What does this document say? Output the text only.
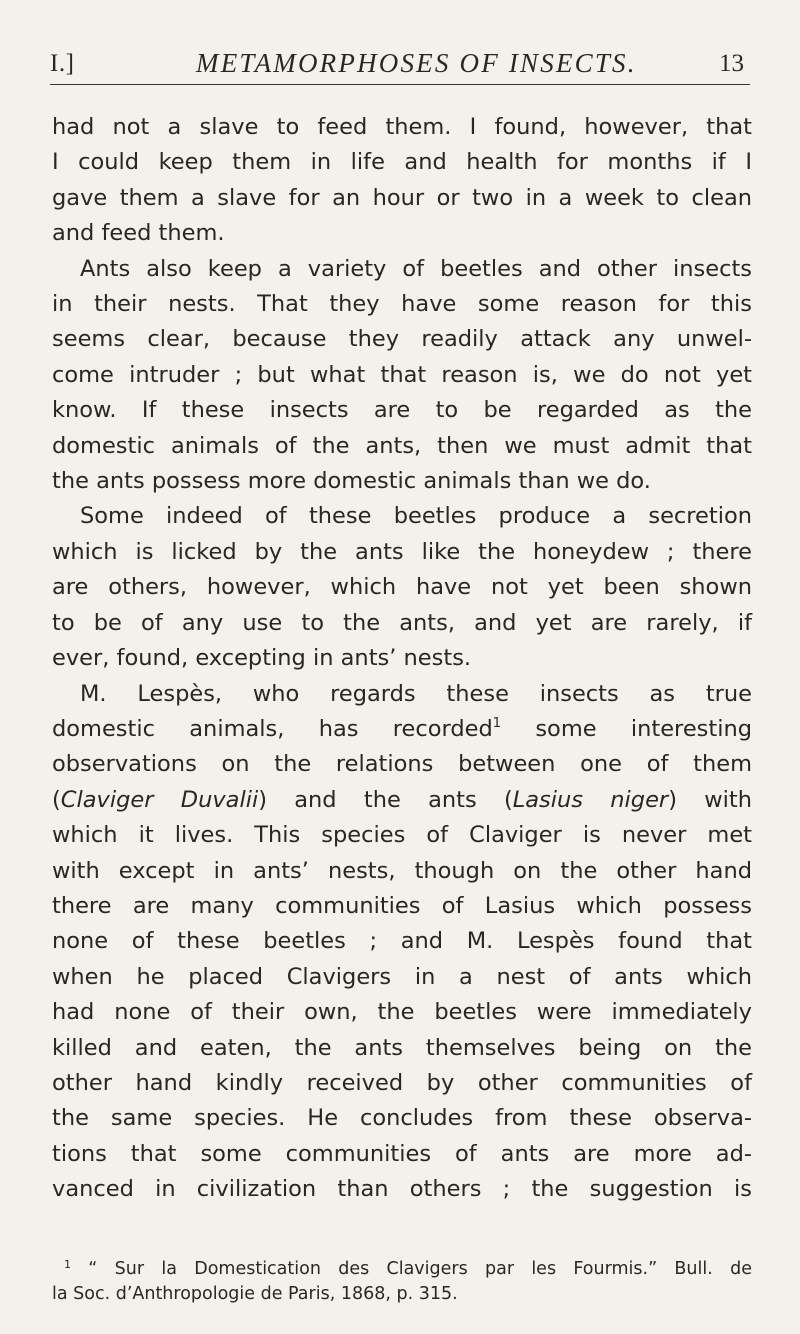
I.]	METAMORPHOSES OF INSECTS.	13
had not a slave to feed them. I found, however, that
I could keep them in life and health for months if I
gave them a slave for an hour or two in a week to clean
and feed them.
Ants also keep a variety of beetles and other insects
in their nests. That they have some reason for this
seems clear, because they readily attack any unwel-
come intruder ; but what that reason is, we do not yet
know. If these insects are to be regarded as the
domestic animals of the ants, then we must admit that
the ants possess more domestic animals than we do.
Some indeed of these beetles produce a secretion
which is licked by the ants like the honeydew ; there
are others, however, which have not yet been shown
to be of any use to the ants, and yet are rarely, if
ever, found, excepting in ants’ nests.
M. Lespès, who regards these insects as true
domestic animals, has recorded$^1$ some interesting
observations on the relations between one of them
(Claviger Duvalii) and the ants (Lasius niger) with
which it lives. This species of Claviger is never met
with except in ants’ nests, though on the other hand
there are many communities of Lasius which possess
none of these beetles ; and M. Lespès found that
when he placed Clavigers in a nest of ants which
had none of their own, the beetles were immediately
killed and eaten, the ants themselves being on the
other hand kindly received by other communities of
the same species. He concludes from these observa-
tions that some communities of ants are more ad-
vanced in civilization than others ; the suggestion is
$^1$ “ Sur la Domestication des Clavigers par les Fourmis.” Bull. de
la Soc. d’Anthropologie de Paris, 1868, p. 315.
